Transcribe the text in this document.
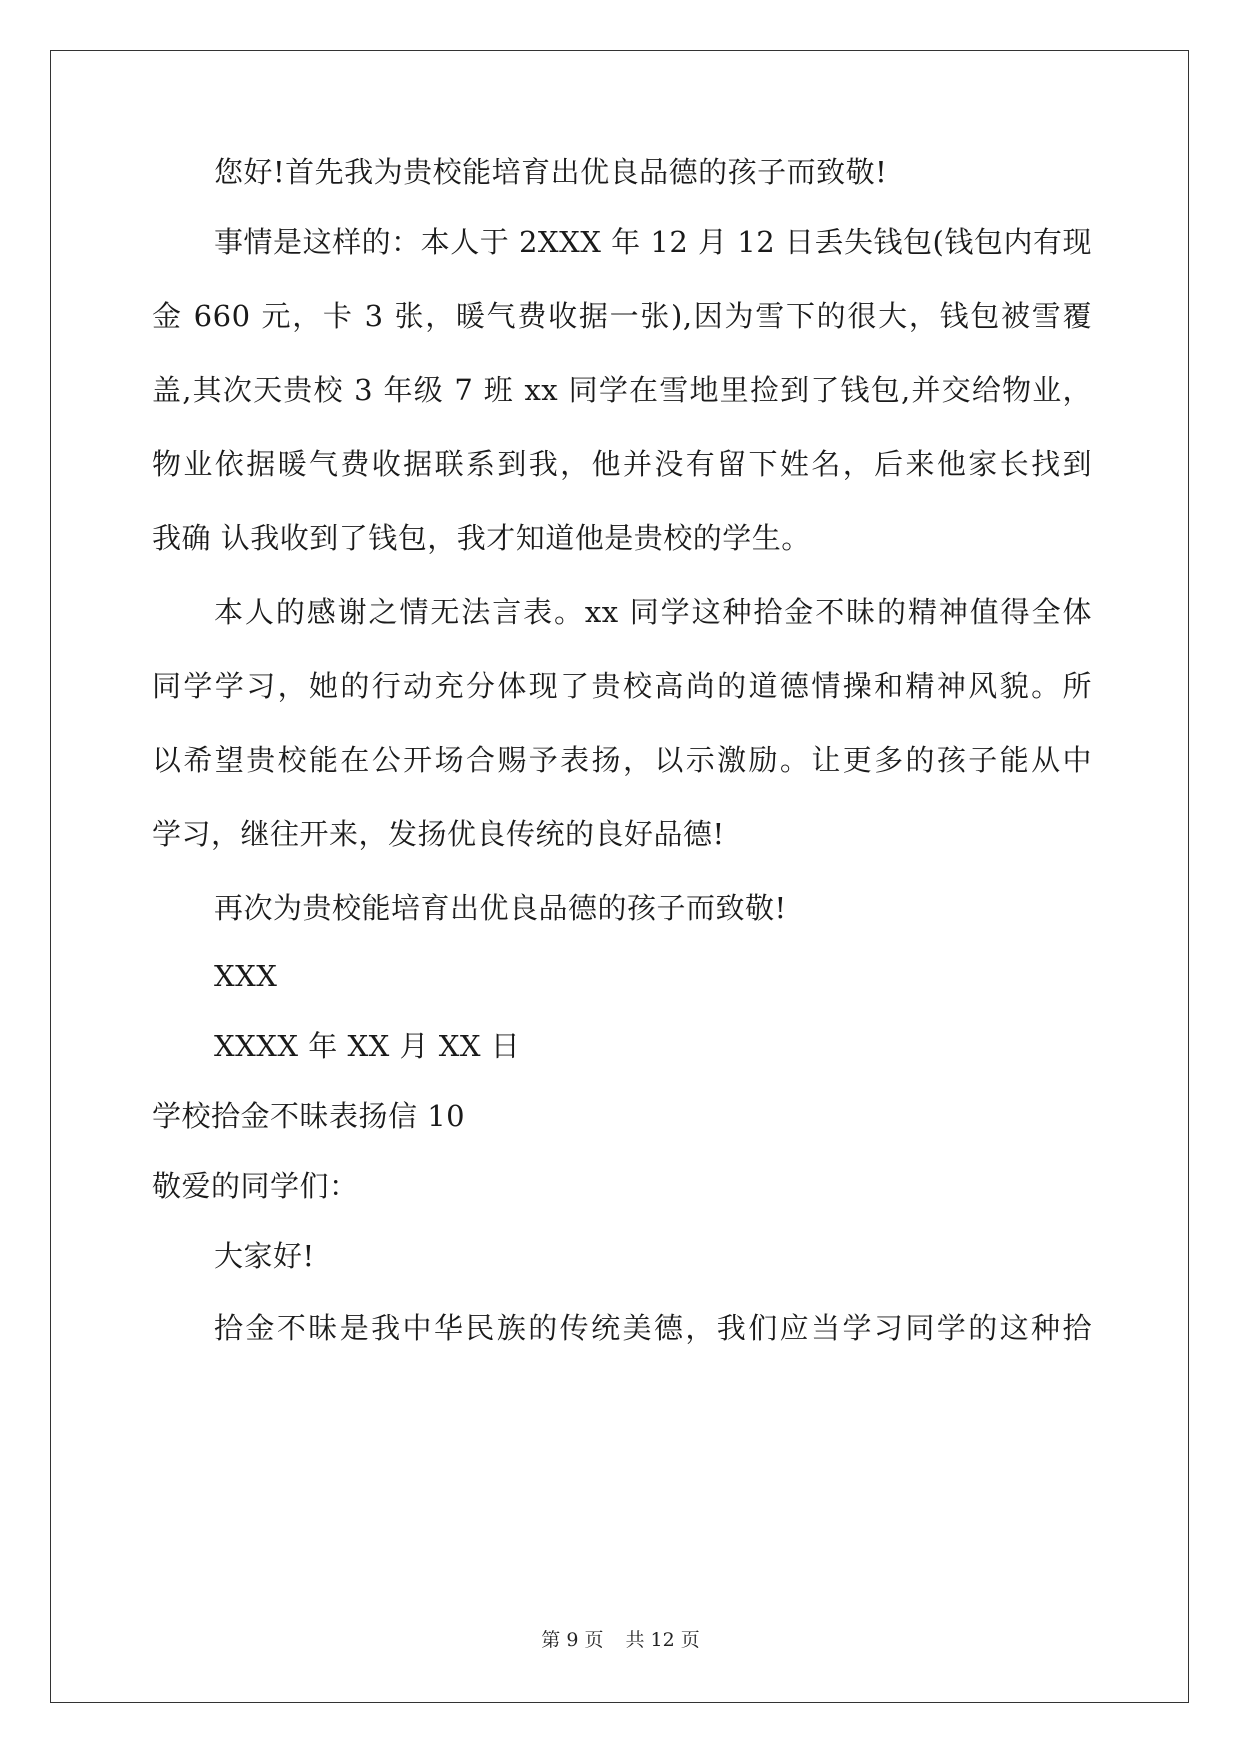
您好!首先我为贵校能培育出优良品德的孩子而致敬!
事情是这样的：本人于 2XXX 年 12 月 12 日丢失钱包(钱包内有现
金 660 元，卡 3 张，暖气费收据一张),因为雪下的很大，钱包被雪覆
盖,其次天贵校 3 年级 7 班 xx 同学在雪地里捡到了钱包,并交给物业，
物业依据暖气费收据联系到我，他并没有留下姓名，后来他家长找到
我确 认我收到了钱包，我才知道他是贵校的学生。
本人的感谢之情无法言表。xx 同学这种拾金不昧的精神值得全体
同学学习，她的行动充分体现了贵校高尚的道德情操和精神风貌。所
以希望贵校能在公开场合赐予表扬，以示激励。让更多的孩子能从中
学习，继往开来，发扬优良传统的良好品德!
再次为贵校能培育出优良品德的孩子而致敬!
XXX
XXXX 年 XX 月 XX 日
学校拾金不昧表扬信 10
敬爱的同学们：
大家好!
拾金不昧是我中华民族的传统美德，我们应当学习同学的这种拾
第 9 页 共 12 页
